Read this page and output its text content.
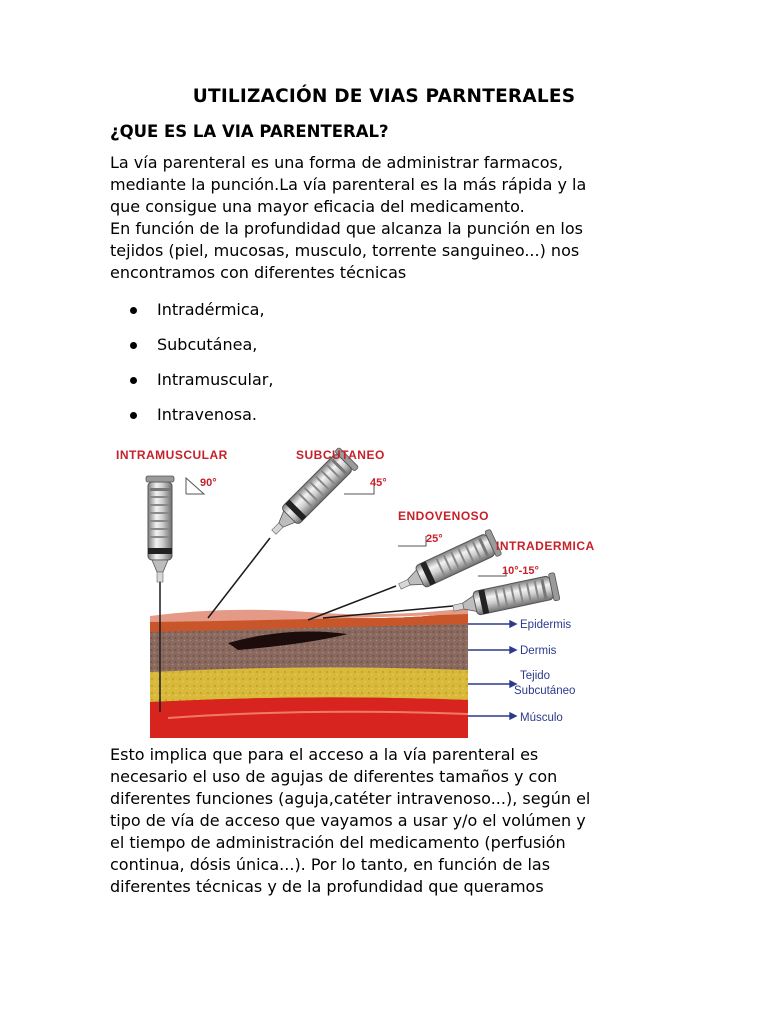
UTILIZACIÓN DE VIAS PARNTERALES
¿QUE ES LA VIA PARENTERAL?

La vía parenteral es una forma de administrar farmacos,
mediante la punción.La vía parenteral es la más rápida y la
que consigue una mayor eficacia del medicamento.
En función de la profundidad que alcanza la punción en los
tejidos (piel, mucosas, musculo, torrente sanguineo...) nos
encontramos con diferentes técnicas

Intradérmica,
Subcutánea,
Intramuscular,
Intravenosa.
INTRAMUSCULAR	SUBCUTANEO
ENDOVENOSO
INTRADERMICA
90°	45°
25°
10°-15°
Epidermis
Dermis
Tejido
Subcutáneo
Músculo

Esto implica que para el acceso a la vía parenteral es
necesario el uso de agujas de diferentes tamaños y con
diferentes funciones (aguja,catéter intravenoso...), según el
tipo de vía de acceso que vayamos a usar y/o el volúmen y
el tiempo de administración del medicamento (perfusión
continua, dósis única...). Por lo tanto, en función de las
diferentes técnicas y de la profundidad que queramos
